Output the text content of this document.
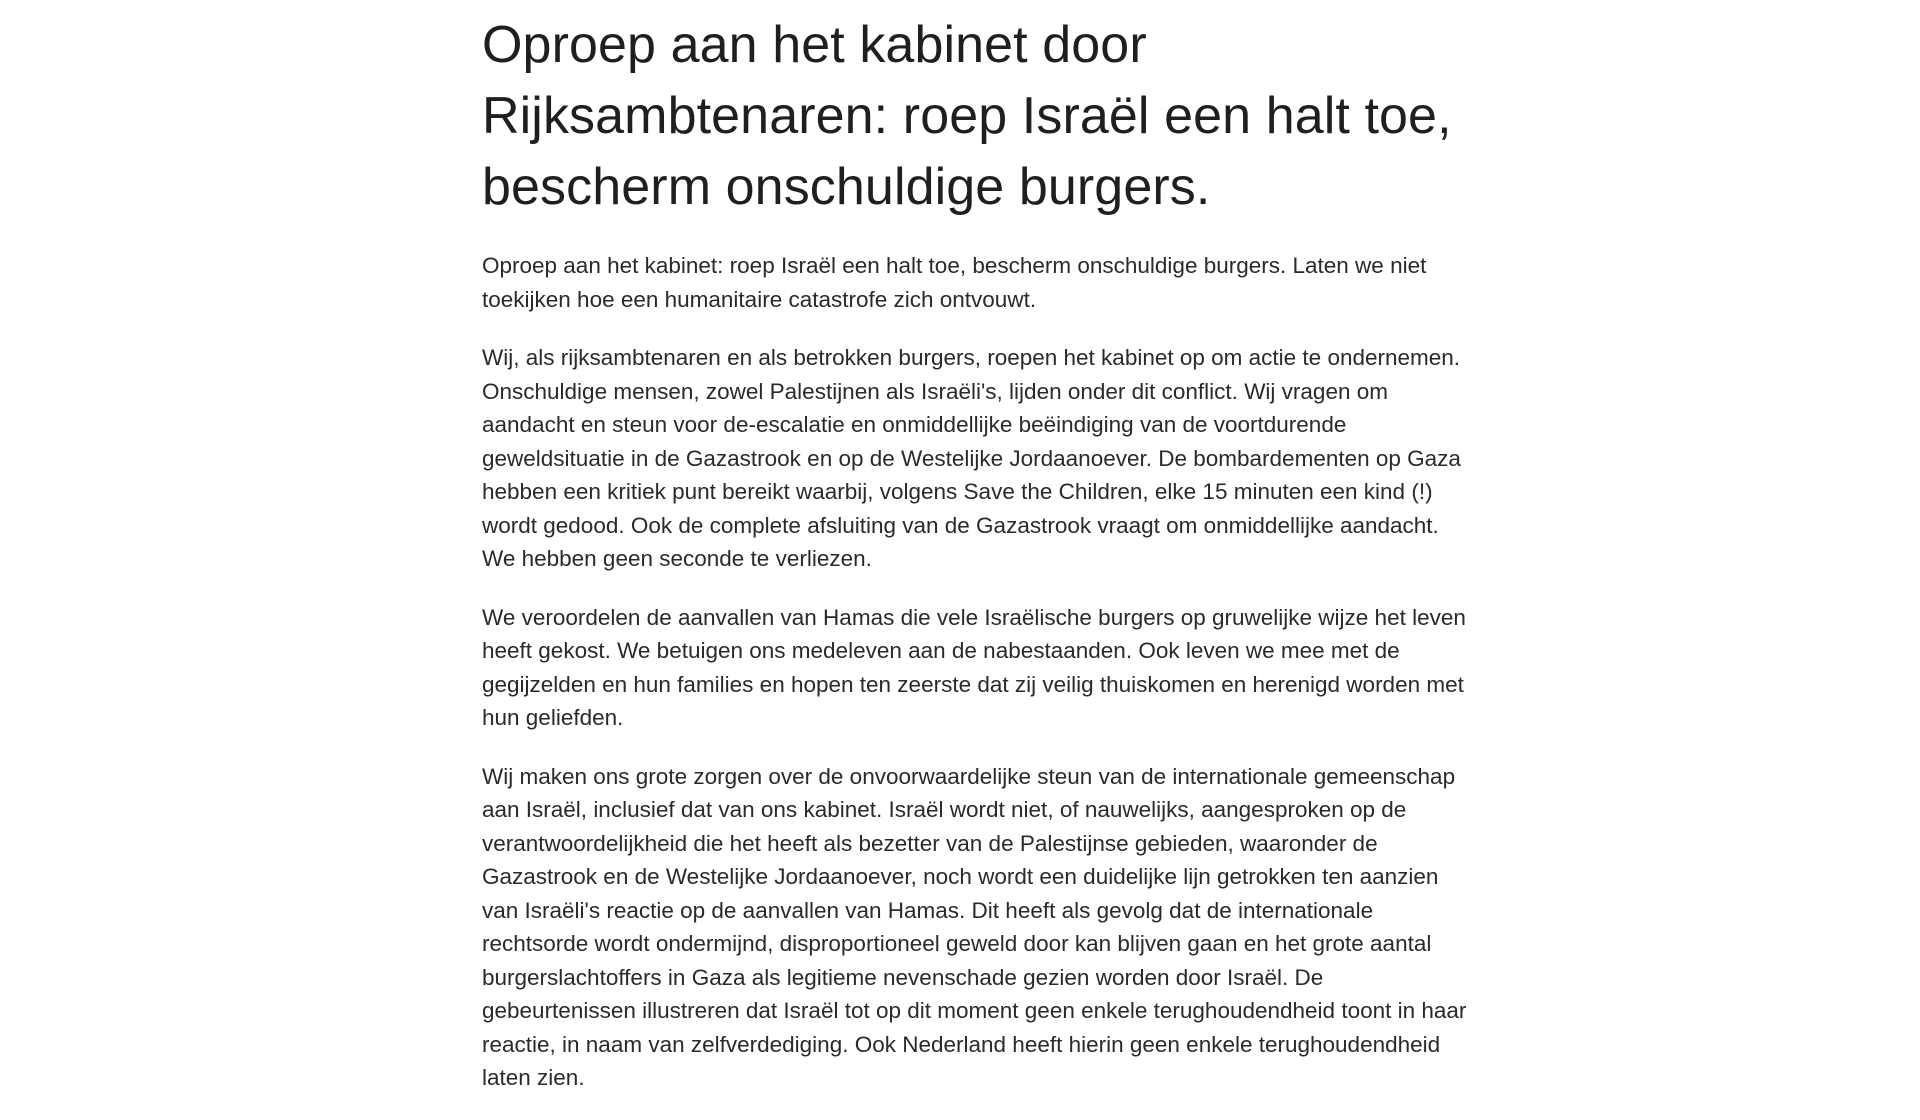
Oproep aan het kabinet door Rijksambtenaren: roep Israël een halt toe, bescherm onschuldige burgers.

Oproep aan het kabinet: roep Israël een halt toe, bescherm onschuldige burgers. Laten we niet toekijken hoe een humanitaire catastrofe zich ontvouwt.

Wij, als rijksambtenaren en als betrokken burgers, roepen het kabinet op om actie te ondernemen. Onschuldige mensen, zowel Palestijnen als Israëli's, lijden onder dit conflict. Wij vragen om aandacht en steun voor de-escalatie en onmiddellijke beëindiging van de voortdurende geweldsituatie in de Gazastrook en op de Westelijke Jordaanoever. De bombardementen op Gaza hebben een kritiek punt bereikt waarbij, volgens Save the Children, elke 15 minuten een kind (!) wordt gedood. Ook de complete afsluiting van de Gazastrook vraagt om onmiddellijke aandacht. We hebben geen seconde te verliezen.

We veroordelen de aanvallen van Hamas die vele Israëlische burgers op gruwelijke wijze het leven heeft gekost. We betuigen ons medeleven aan de nabestaanden. Ook leven we mee met de gegijzelden en hun families en hopen ten zeerste dat zij veilig thuiskomen en herenigd worden met hun geliefden.

Wij maken ons grote zorgen over de onvoorwaardelijke steun van de internationale gemeenschap aan Israël, inclusief dat van ons kabinet. Israël wordt niet, of nauwelijks, aangesproken op de verantwoordelijkheid die het heeft als bezetter van de Palestijnse gebieden, waaronder de Gazastrook en de Westelijke Jordaanoever, noch wordt een duidelijke lijn getrokken ten aanzien van Israëli's reactie op de aanvallen van Hamas. Dit heeft als gevolg dat de internationale rechtsorde wordt ondermijnd, disproportioneel geweld door kan blijven gaan en het grote aantal burgerslachtoffers in Gaza als legitieme nevenschade gezien worden door Israël. De gebeurtenissen illustreren dat Israël tot op dit moment geen enkele terughoudendheid toont in haar reactie, in naam van zelfverdediging. Ook Nederland heeft hierin geen enkele terughoudendheid laten zien.
